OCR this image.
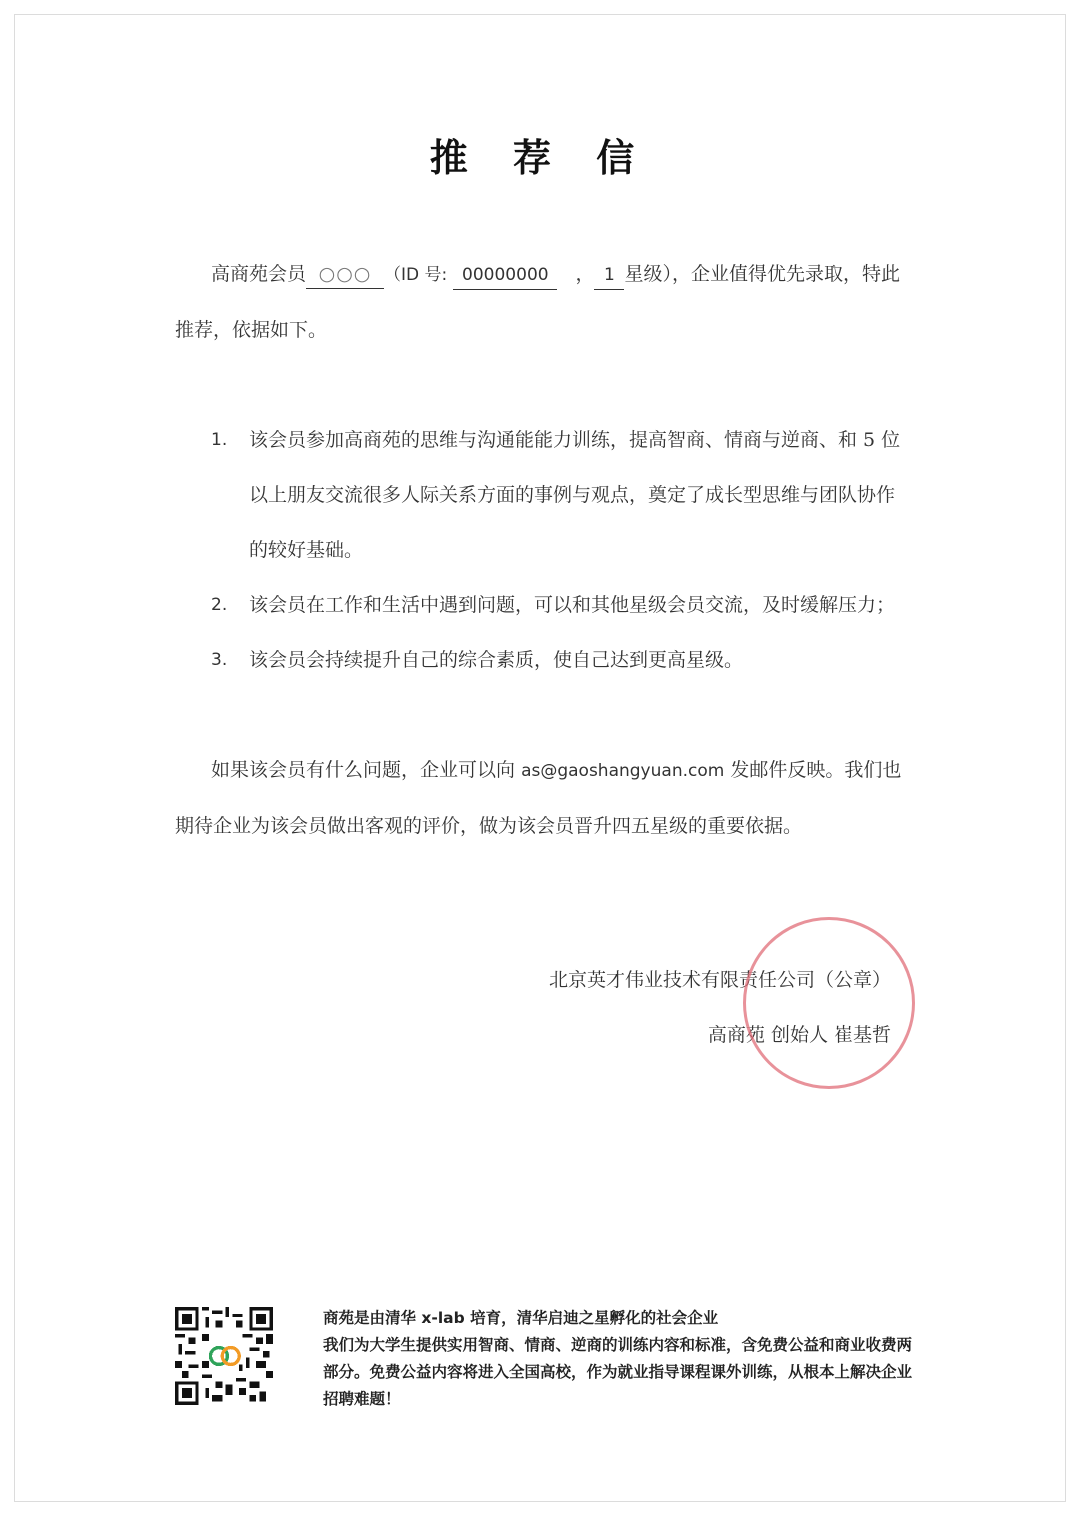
推 荐 信
高商苑会员 ○○○ （ID 号: 00000000 ， 1 星级），企业值得优先录取，特此推荐，依据如下。
1. 该会员参加高商苑的思维与沟通能能力训练，提高智商、情商与逆商、和 5 位以上朋友交流很多人际关系方面的事例与观点，奠定了成长型思维与团队协作的较好基础。
2. 该会员在工作和生活中遇到问题，可以和其他星级会员交流，及时缓解压力；
3. 该会员会持续提升自己的综合素质，使自己达到更高星级。
如果该会员有什么问题，企业可以向 as@gaoshangyuan.com 发邮件反映。我们也期待企业为该会员做出客观的评价，做为该会员晋升四五星级的重要依据。
北京英才伟业技术有限责任公司（公章）
高商苑 创始人 崔基哲
商苑是由清华 x-lab 培育，清华启迪之星孵化的社会企业
我们为大学生提供实用智商、情商、逆商的训练内容和标准，含免费公益和商业收费两部分。免费公益内容将进入全国高校，作为就业指导课程课外训练，从根本上解决企业招聘难题！
